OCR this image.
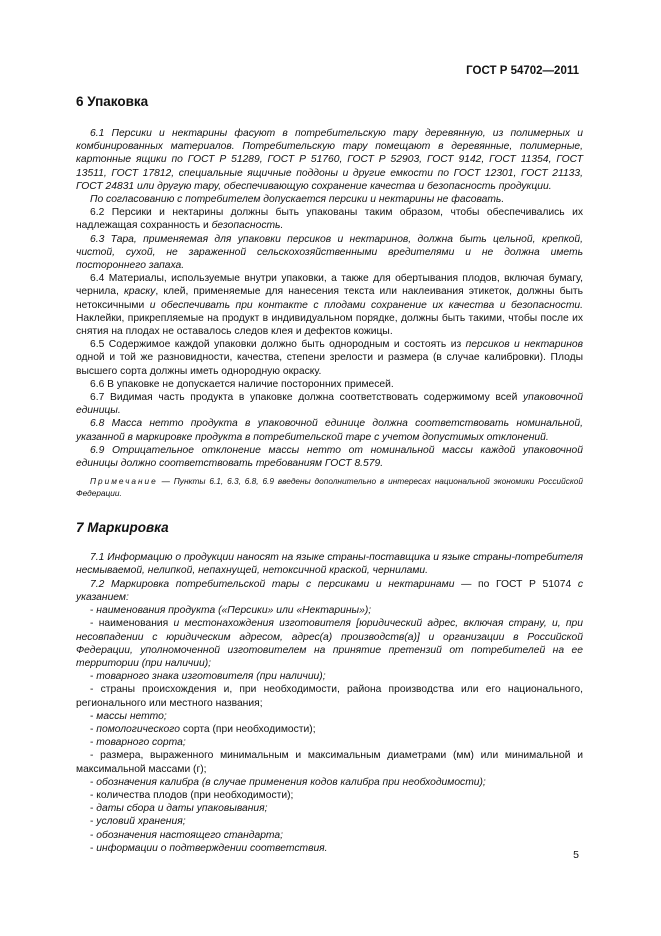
ГОСТ Р 54702—2011
6 Упаковка

6.1 Персики и нектарины фасуют в потребительскую тару деревянную, из полимерных и комбинированных материалов. Потребительскую тару помещают в деревянные, полимерные, картонные ящики по ГОСТ Р 51289, ГОСТ Р 51760, ГОСТ Р 52903, ГОСТ 9142, ГОСТ 11354, ГОСТ 13511, ГОСТ 17812, специальные ящичные поддоны и другие емкости по ГОСТ 12301, ГОСТ 21133, ГОСТ 24831 или другую тару, обеспечивающую сохранение качества и безопасность продукции.

По согласованию с потребителем допускается персики и нектарины не фасовать.

6.2 Персики и нектарины должны быть упакованы таким образом, чтобы обеспечивались их надлежащая сохранность и безопасность.

6.3 Тара, применяемая для упаковки персиков и нектаринов, должна быть цельной, крепкой, чистой, сухой, не зараженной сельскохозяйственными вредителями и не должна иметь постороннего запаха.

6.4 Материалы, используемые внутри упаковки, а также для обертывания плодов, включая бумагу, чернила, краску, клей, применяемые для нанесения текста или наклеивания этикеток, должны быть нетоксичными и обеспечивать при контакте с плодами сохранение их качества и безопасности. Наклейки, прикрепляемые на продукт в индивидуальном порядке, должны быть такими, чтобы после их снятия на плодах не оставалось следов клея и дефектов кожицы.

6.5 Содержимое каждой упаковки должно быть однородным и состоять из персиков и нектаринов одной и той же разновидности, качества, степени зрелости и размера (в случае калибровки). Плоды высшего сорта должны иметь однородную окраску.

6.6 В упаковке не допускается наличие посторонних примесей.

6.7 Видимая часть продукта в упаковке должна соответствовать содержимому всей упаковочной единицы.

6.8 Масса нетто продукта в упаковочной единице должна соответствовать номинальной, указанной в маркировке продукта в потребительской таре с учетом допустимых отклонений.

6.9 Отрицательное отклонение массы нетто от номинальной массы каждой упаковочной единицы должно соответствовать требованиям ГОСТ 8.579.

Примечание — Пункты 6.1, 6.3, 6.8, 6.9 введены дополнительно в интересах национальной экономики Российской Федерации.

7 Маркировка

7.1 Информацию о продукции наносят на языке страны-поставщика и языке страны-потребителя несмываемой, нелипкой, непахнущей, нетоксичной краской, чернилами.

7.2 Маркировка потребительской тары с персиками и нектаринами — по ГОСТ Р 51074 с указанием:

- наименования продукта («Персики» или «Нектарины»);

- наименования и местонахождения изготовителя [юридический адрес, включая страну, и, при несовпадении с юридическим адресом, адрес(а) производств(а)] и организации в Российской Федерации, уполномоченной изготовителем на принятие претензий от потребителей на ее территории (при наличии);

- товарного знака изготовителя (при наличии);

- страны происхождения и, при необходимости, района производства или его национального, регионального или местного названия;

- массы нетто;

- помологического сорта (при необходимости);

- товарного сорта;

- размера, выраженного минимальным и максимальным диаметрами (мм) или минимальной и максимальной массами (г);

- обозначения калибра (в случае применения кодов калибра при необходимости);

- количества плодов (при необходимости);

- даты сбора и даты упаковывания;

- условий хранения;

- обозначения настоящего стандарта;

- информации о подтверждении соответствия.

5
